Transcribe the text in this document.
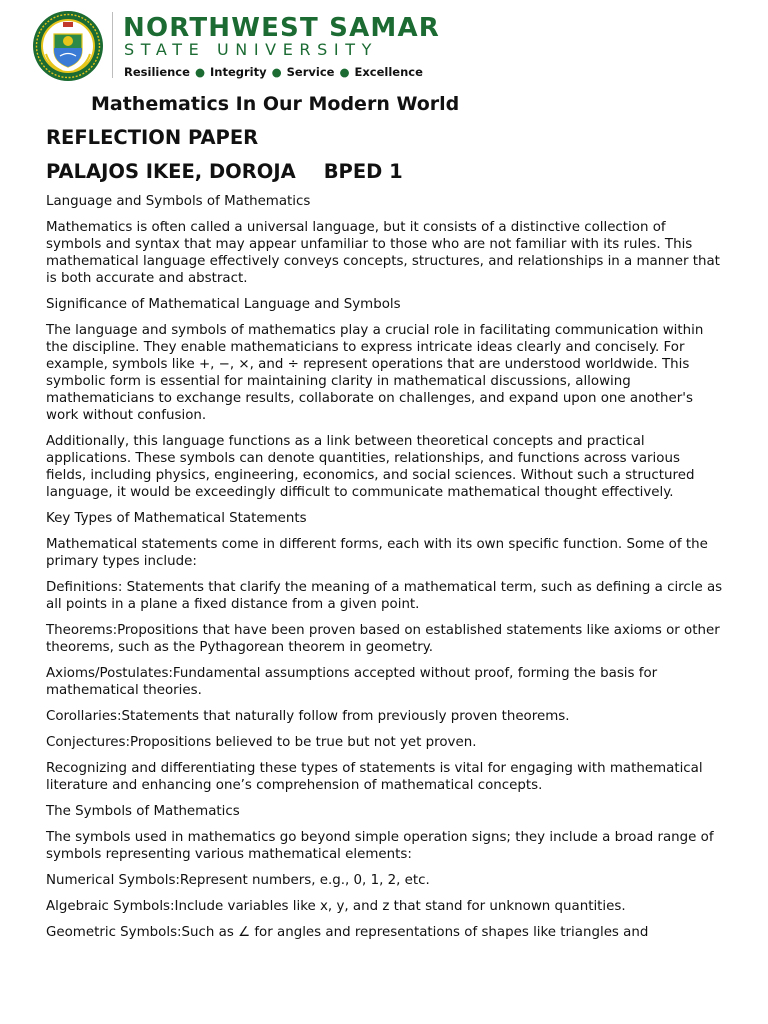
NORTHWEST SAMAR
STATE UNIVERSITY
Resilience ● Integrity ● Service ● Excellence
Mathematics In Our Modern World
REFLECTION PAPER
PALAJOS IKEE, DOROJA BPED 1

Language and Symbols of Mathematics

Mathematics is often called a universal language, but it consists of a distinctive collection of symbols and syntax that may appear unfamiliar to those who are not familiar with its rules. This mathematical language effectively conveys concepts, structures, and relationships in a manner that is both accurate and abstract.

Significance of Mathematical Language and Symbols

The language and symbols of mathematics play a crucial role in facilitating communication within the discipline. They enable mathematicians to express intricate ideas clearly and concisely. For example, symbols like +, −, ×, and ÷ represent operations that are understood worldwide. This symbolic form is essential for maintaining clarity in mathematical discussions, allowing mathematicians to exchange results, collaborate on challenges, and expand upon one another's work without confusion.

Additionally, this language functions as a link between theoretical concepts and practical applications. These symbols can denote quantities, relationships, and functions across various fields, including physics, engineering, economics, and social sciences. Without such a structured language, it would be exceedingly difficult to communicate mathematical thought effectively.

Key Types of Mathematical Statements

Mathematical statements come in different forms, each with its own specific function. Some of the primary types include:

Definitions: Statements that clarify the meaning of a mathematical term, such as defining a circle as all points in a plane a fixed distance from a given point.

Theorems:Propositions that have been proven based on established statements like axioms or other theorems, such as the Pythagorean theorem in geometry.

Axioms/Postulates:Fundamental assumptions accepted without proof, forming the basis for mathematical theories.

Corollaries:Statements that naturally follow from previously proven theorems.

Conjectures:Propositions believed to be true but not yet proven.

Recognizing and differentiating these types of statements is vital for engaging with mathematical literature and enhancing one’s comprehension of mathematical concepts.

The Symbols of Mathematics

The symbols used in mathematics go beyond simple operation signs; they include a broad range of symbols representing various mathematical elements:

Numerical Symbols:Represent numbers, e.g., 0, 1, 2, etc.

Algebraic Symbols:Include variables like x, y, and z that stand for unknown quantities.

Geometric Symbols:Such as ∠ for angles and representations of shapes like triangles and
